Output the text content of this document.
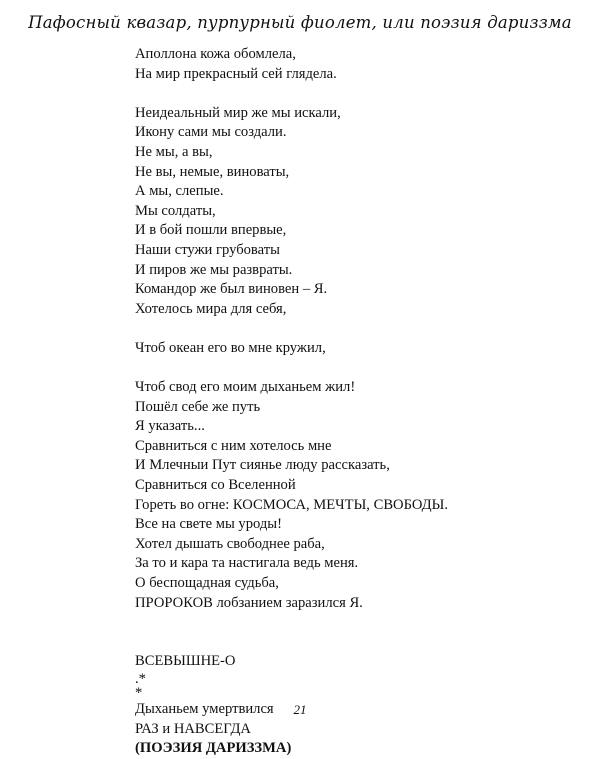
Пафосный квазар, пурпурный фиолет, или поэзия дариззма
Аполлона кожа обомлела,
На мир прекрасный сей глядела.
Неидеальный мир же мы искали,
Икону сами мы создали.
Не мы, а вы,
Не вы, немые, виноваты,
А мы, слепые.
Мы солдаты,
И в бой пошли впервые,
Наши стужи грубоваты
И пиров же мы развраты.
Командор же был виновен – Я.
Хотелось мира для себя,
Чтоб океан его во мне кружил,
Чтоб свод его моим дыханьем жил!
Пошёл себе же путь
Я указать...
Сравниться с ним хотелось мне
И Млечныи Пут сиянье люду рассказать,
Сравниться со Вселенной
Гореть во огне: КОСМОСА, МЕЧТЫ, СВОБОДЫ.
Все на свете мы уроды!
Хотел дышать свободнее раба,
За то и кара та настигала ведь меня.
О беспощадная судьба,
ПРОРОКОВ лобзанием заразился Я.
ВСЕВЫШНЕ-О
.*
*
Дыханьем умертвился
РАЗ и НАВСЕГДА
(ПОЭЗИЯ ДАРИЗЗМА)
21
